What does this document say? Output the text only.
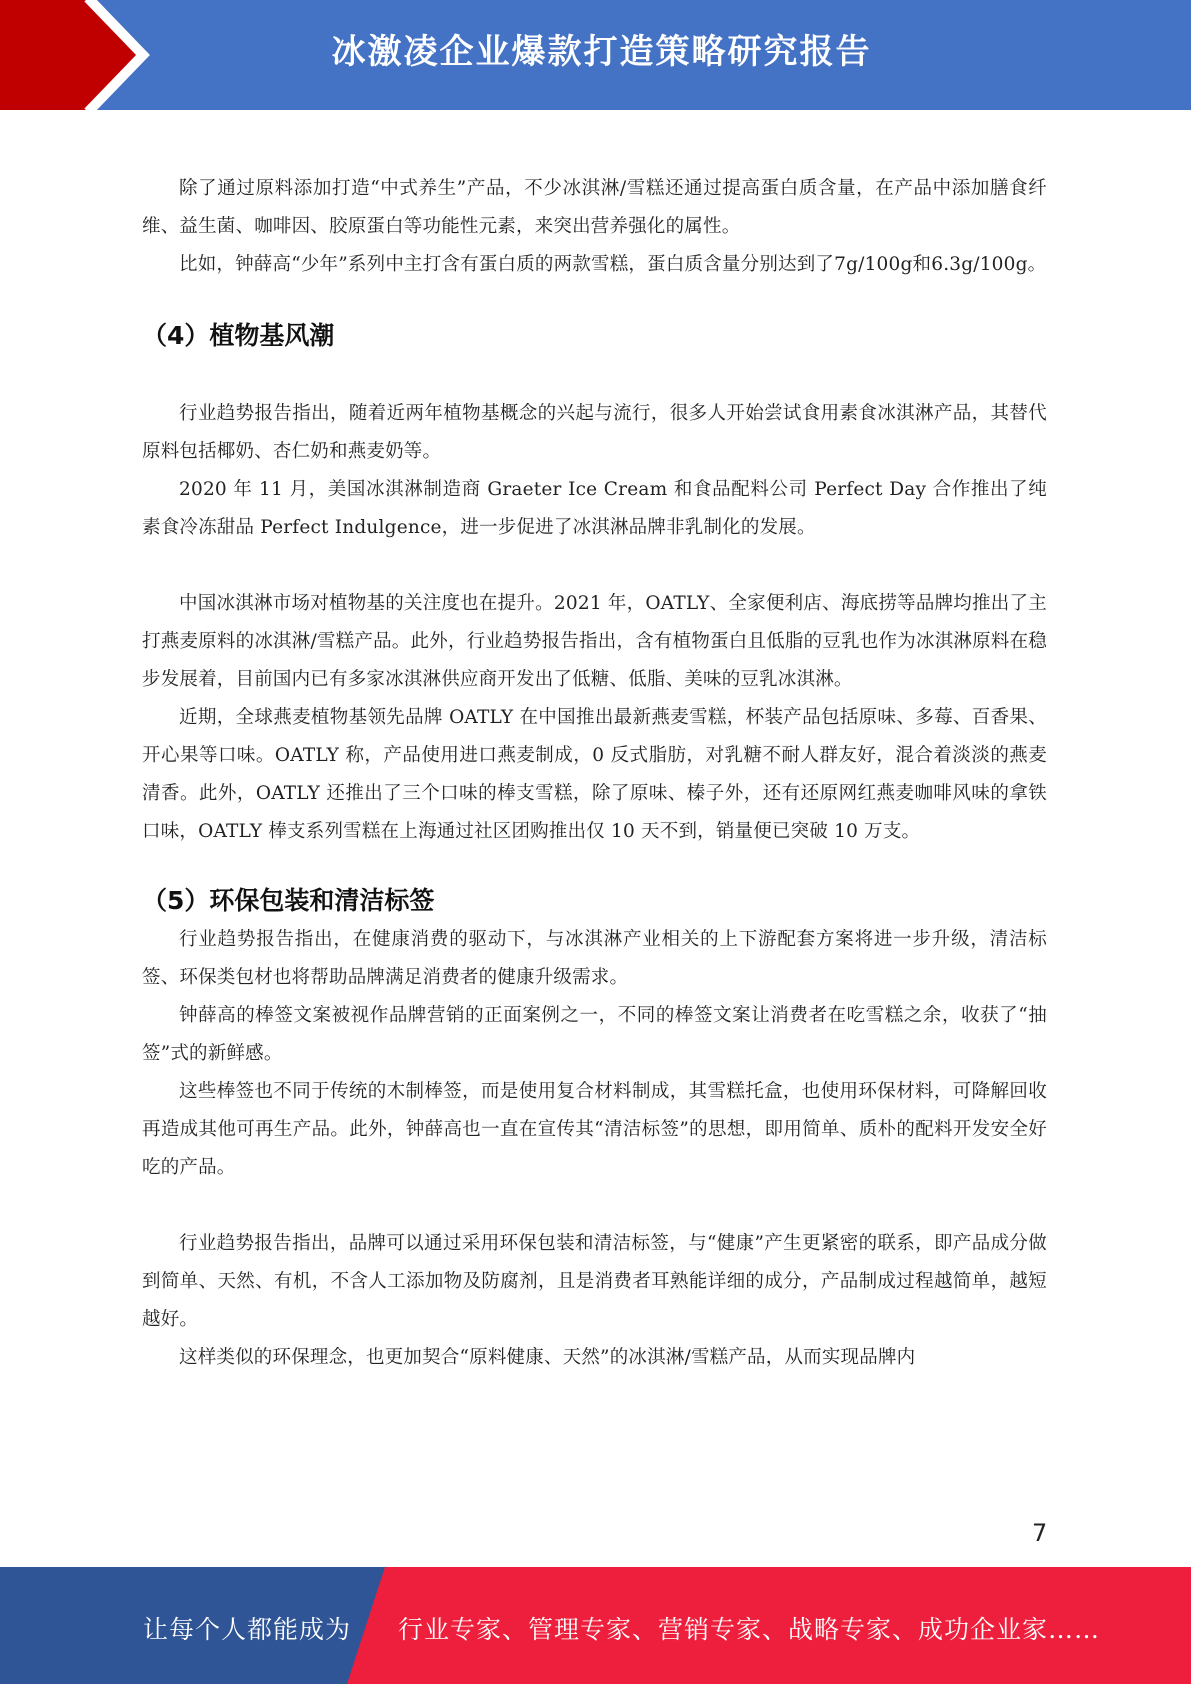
冰激凌企业爆款打造策略研究报告

除了通过原料添加打造“中式养生”产品，不少冰淇淋/雪糕还通过提高蛋白质含量，在产品中添加膳食纤维、益生菌、咖啡因、胶原蛋白等功能性元素，来突出营养强化的属性。

比如，钟薛高“少年”系列中主打含有蛋白质的两款雪糕，蛋白质含量分别达到了7g/100g和6.3g/100g。

（4）植物基风潮

行业趋势报告指出，随着近两年植物基概念的兴起与流行，很多人开始尝试食用素食冰淇淋产品，其替代原料包括椰奶、杏仁奶和燕麦奶等。

2020 年 11 月，美国冰淇淋制造商 Graeter Ice Cream 和食品配料公司 Perfect Day 合作推出了纯素食冷冻甜品 Perfect Indulgence，进一步促进了冰淇淋品牌非乳制化的发展。

中国冰淇淋市场对植物基的关注度也在提升。2021 年，OATLY、全家便利店、海底捞等品牌均推出了主打燕麦原料的冰淇淋/雪糕产品。此外，行业趋势报告指出，含有植物蛋白且低脂的豆乳也作为冰淇淋原料在稳步发展着，目前国内已有多家冰淇淋供应商开发出了低糖、低脂、美味的豆乳冰淇淋。

近期，全球燕麦植物基领先品牌 OATLY 在中国推出最新燕麦雪糕，杯装产品包括原味、多莓、百香果、开心果等口味。OATLY 称，产品使用进口燕麦制成，0 反式脂肪，对乳糖不耐人群友好，混合着淡淡的燕麦清香。此外，OATLY 还推出了三个口味的棒支雪糕，除了原味、榛子外，还有还原网红燕麦咖啡风味的拿铁口味，OATLY 棒支系列雪糕在上海通过社区团购推出仅 10 天不到，销量便已突破 10 万支。

（5）环保包装和清洁标签

行业趋势报告指出，在健康消费的驱动下，与冰淇淋产业相关的上下游配套方案将进一步升级，清洁标签、环保类包材也将帮助品牌满足消费者的健康升级需求。

钟薛高的棒签文案被视作品牌营销的正面案例之一，不同的棒签文案让消费者在吃雪糕之余，收获了“抽签”式的新鲜感。

这些棒签也不同于传统的木制棒签，而是使用复合材料制成，其雪糕托盒，也使用环保材料，可降解回收再造成其他可再生产品。此外，钟薛高也一直在宣传其“清洁标签”的思想，即用简单、质朴的配料开发安全好吃的产品。

行业趋势报告指出，品牌可以通过采用环保包装和清洁标签，与“健康”产生更紧密的联系，即产品成分做到简单、天然、有机，不含人工添加物及防腐剂，且是消费者耳熟能详细的成分，产品制成过程越简单，越短越好。

这样类似的环保理念，也更加契合“原料健康、天然”的冰淇淋/雪糕产品，从而实现品牌内

7
让每个人都能成为 行业专家、管理专家、营销专家、战略专家、成功企业家……
